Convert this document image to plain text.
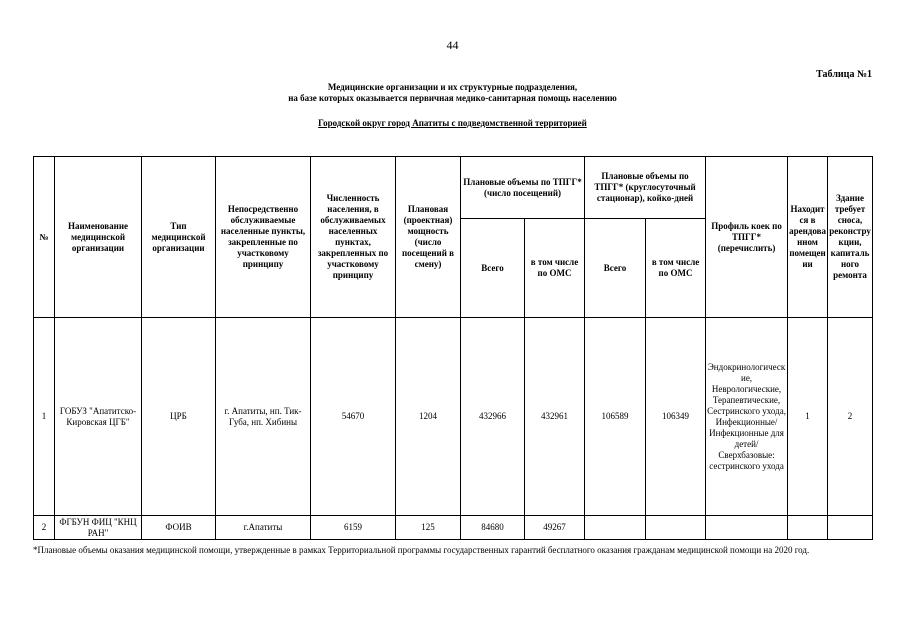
44
Таблица №1
Медицинские организации и их структурные подразделения,
на базе которых оказывается первичная медико-санитарная помощь населению
Городской округ город Апатиты с подведомственной территорией
№	Наименование медицинской организации	Тип медицинской организации	Непосредственно обслуживаемые населенные пункты, закрепленные по участковому принципу	Численность населения, в обслуживаемых населенных пунктах, закрепленных по участковому принципу	Плановая (проектная) мощность (число посещений в смену)	Плановые объемы по ТПГГ* (число посещений)		Плановые объемы по ТПГГ* (круглосуточный стационар), койко-дней		Профиль коек по ТПГГ* (перечислить)	Находится в арендованном помещении	Здание требует сноса, реконструкции, капитального ремонта
						Всего	в том числе по ОМС	Всего	в том числе по ОМС			
1	ГОБУЗ "Апатитско-Кировская ЦГБ"	ЦРБ	г. Апатиты, нп. Тик-Губа, нп. Хибины	54670	1204	432966	432961	106589	106349	Эндокринологические, Неврологические, Терапевтические, Сестринского ухода, Инфекционные/ Инфекционные для детей/ Сверхбазовые: сестринского ухода	1	2
2	ФГБУН ФИЦ "КНЦ РАН"	ФОИВ	г.Апатиты	6159	125	84680	49267					
*Плановые объемы оказания медицинской помощи, утвержденные в рамках Территориальной программы государственных гарантий бесплатного оказания гражданам медицинской помощи на 2020 год.
